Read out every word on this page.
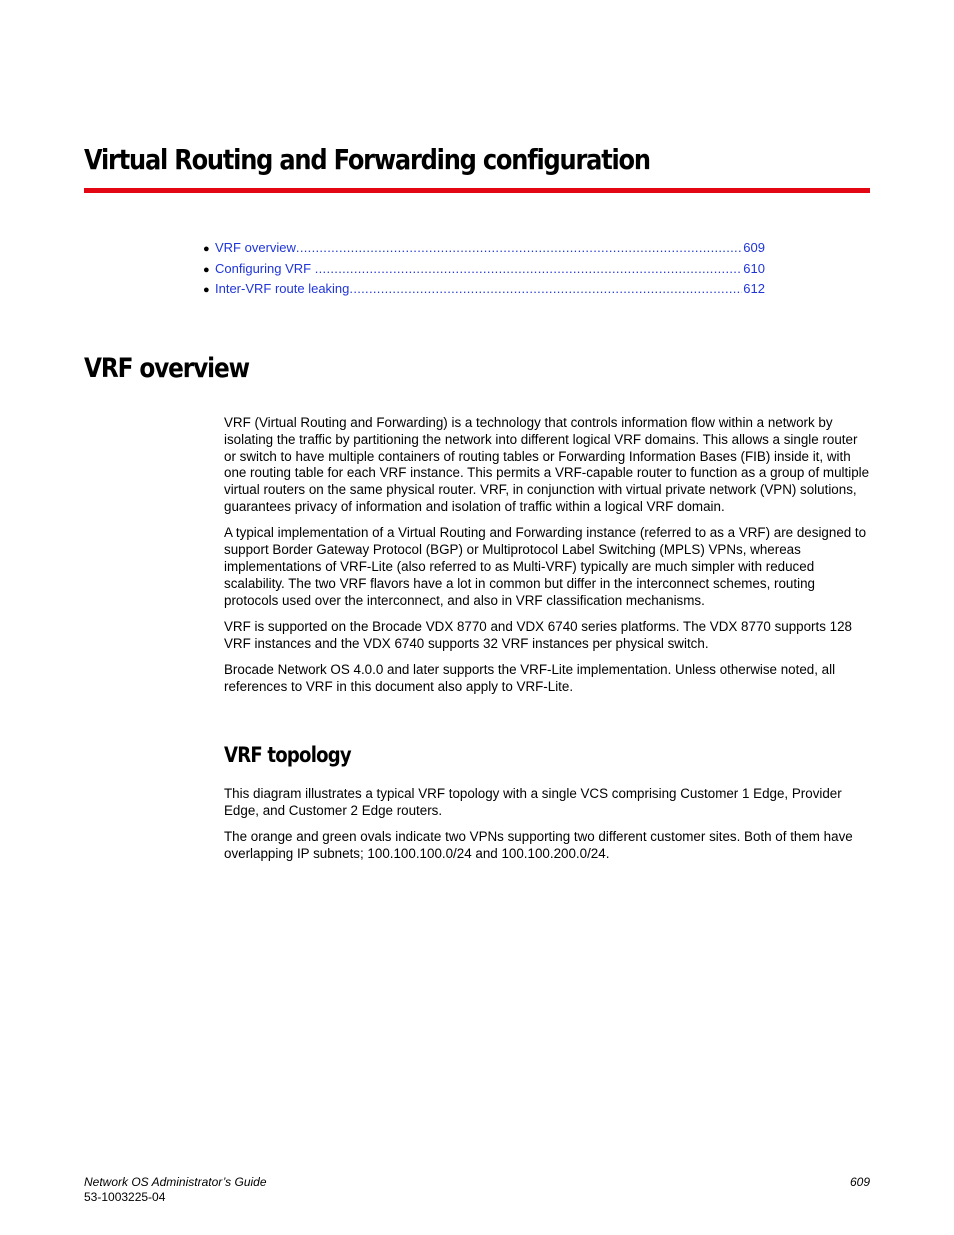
Virtual Routing and Forwarding configuration
● VRF overview .....	609
● Configuring VRF .....	610
● Inter-VRF route leaking .....	612
VRF overview

VRF (Virtual Routing and Forwarding) is a technology that controls information flow within a network by isolating the traffic by partitioning the network into different logical VRF domains. This allows a single router or switch to have multiple containers of routing tables or Forwarding Information Bases (FIB) inside it, with one routing table for each VRF instance. This permits a VRF-capable router to function as a group of multiple virtual routers on the same physical router. VRF, in conjunction with virtual private network (VPN) solutions, guarantees privacy of information and isolation of traffic within a logical VRF domain.

A typical implementation of a Virtual Routing and Forwarding instance (referred to as a VRF) are designed to support Border Gateway Protocol (BGP) or Multiprotocol Label Switching (MPLS) VPNs, whereas implementations of VRF-Lite (also referred to as Multi-VRF) typically are much simpler with reduced scalability. The two VRF flavors have a lot in common but differ in the interconnect schemes, routing protocols used over the interconnect, and also in VRF classification mechanisms.

VRF is supported on the Brocade VDX 8770 and VDX 6740 series platforms. The VDX 8770 supports 128 VRF instances and the VDX 6740 supports 32 VRF instances per physical switch.

Brocade Network OS 4.0.0 and later supports the VRF-Lite implementation. Unless otherwise noted, all references to VRF in this document also apply to VRF-Lite.

VRF topology

This diagram illustrates a typical VRF topology with a single VCS comprising Customer 1 Edge, Provider Edge, and Customer 2 Edge routers.

The orange and green ovals indicate two VPNs supporting two different customer sites. Both of them have overlapping IP subnets; 100.100.100.0/24 and 100.100.200.0/24.

Network OS Administrator’s Guide
53-1003225-04
609
